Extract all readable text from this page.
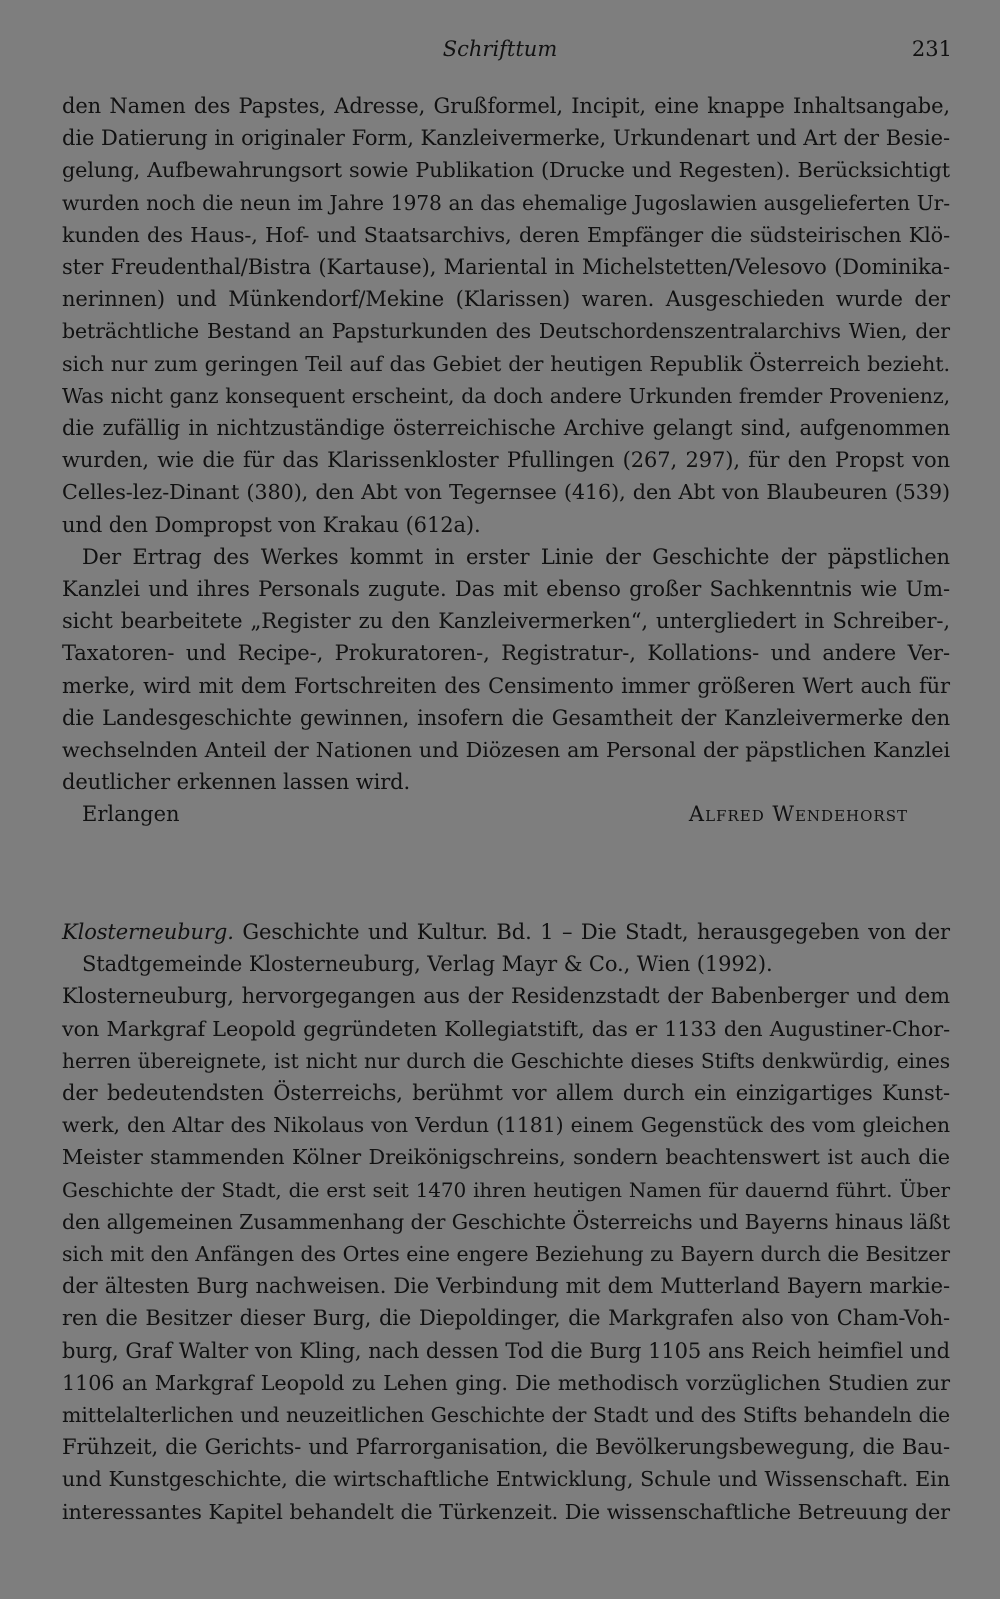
Schrifttum	231
den Namen des Papstes, Adresse, Grußformel, Incipit, eine knappe Inhaltsangabe,
die Datierung in originaler Form, Kanzleivermerke, Urkundenart und Art der Besie-
gelung, Aufbewahrungsort sowie Publikation (Drucke und Regesten). Berücksichtigt
wurden noch die neun im Jahre 1978 an das ehemalige Jugoslawien ausgelieferten Ur-
kunden des Haus-, Hof- und Staatsarchivs, deren Empfänger die südsteirischen Klö-
ster Freudenthal/Bistra (Kartause), Mariental in Michelstetten/Velesovo (Dominika-
nerinnen) und Münkendorf/Mekine (Klarissen) waren. Ausgeschieden wurde der
beträchtliche Bestand an Papsturkunden des Deutschordenszentralarchivs Wien, der
sich nur zum geringen Teil auf das Gebiet der heutigen Republik Österreich bezieht.
Was nicht ganz konsequent erscheint, da doch andere Urkunden fremder Provenienz,
die zufällig in nichtzuständige österreichische Archive gelangt sind, aufgenommen
wurden, wie die für das Klarissenkloster Pfullingen (267, 297), für den Propst von
Celles-lez-Dinant (380), den Abt von Tegernsee (416), den Abt von Blaubeuren (539)
und den Dompropst von Krakau (612a).
Der Ertrag des Werkes kommt in erster Linie der Geschichte der päpstlichen
Kanzlei und ihres Personals zugute. Das mit ebenso großer Sachkenntnis wie Um-
sicht bearbeitete „Register zu den Kanzleivermerken“, untergliedert in Schreiber-,
Taxatoren- und Recipe-, Prokuratoren-, Registratur-, Kollations- und andere Ver-
merke, wird mit dem Fortschreiten des Censimento immer größeren Wert auch für
die Landesgeschichte gewinnen, insofern die Gesamtheit der Kanzleivermerke den
wechselnden Anteil der Nationen und Diözesen am Personal der päpstlichen Kanzlei
deutlicher erkennen lassen wird.
Erlangen	Alfred Wendehorst
Klosterneuburg. Geschichte und Kultur. Bd. 1 – Die Stadt, herausgegeben von der
Stadtgemeinde Klosterneuburg, Verlag Mayr & Co., Wien (1992).
Klosterneuburg, hervorgegangen aus der Residenzstadt der Babenberger und dem
von Markgraf Leopold gegründeten Kollegiatstift, das er 1133 den Augustiner-Chor-
herren übereignete, ist nicht nur durch die Geschichte dieses Stifts denkwürdig, eines
der bedeutendsten Österreichs, berühmt vor allem durch ein einzigartiges Kunst-
werk, den Altar des Nikolaus von Verdun (1181) einem Gegenstück des vom gleichen
Meister stammenden Kölner Dreikönigschreins, sondern beachtenswert ist auch die
Geschichte der Stadt, die erst seit 1470 ihren heutigen Namen für dauernd führt. Über
den allgemeinen Zusammenhang der Geschichte Österreichs und Bayerns hinaus läßt
sich mit den Anfängen des Ortes eine engere Beziehung zu Bayern durch die Besitzer
der ältesten Burg nachweisen. Die Verbindung mit dem Mutterland Bayern markie-
ren die Besitzer dieser Burg, die Diepoldinger, die Markgrafen also von Cham-Voh-
burg, Graf Walter von Kling, nach dessen Tod die Burg 1105 ans Reich heimfiel und
1106 an Markgraf Leopold zu Lehen ging. Die methodisch vorzüglichen Studien zur
mittelalterlichen und neuzeitlichen Geschichte der Stadt und des Stifts behandeln die
Frühzeit, die Gerichts- und Pfarrorganisation, die Bevölkerungsbewegung, die Bau-
und Kunstgeschichte, die wirtschaftliche Entwicklung, Schule und Wissenschaft. Ein
interessantes Kapitel behandelt die Türkenzeit. Die wissenschaftliche Betreuung der
